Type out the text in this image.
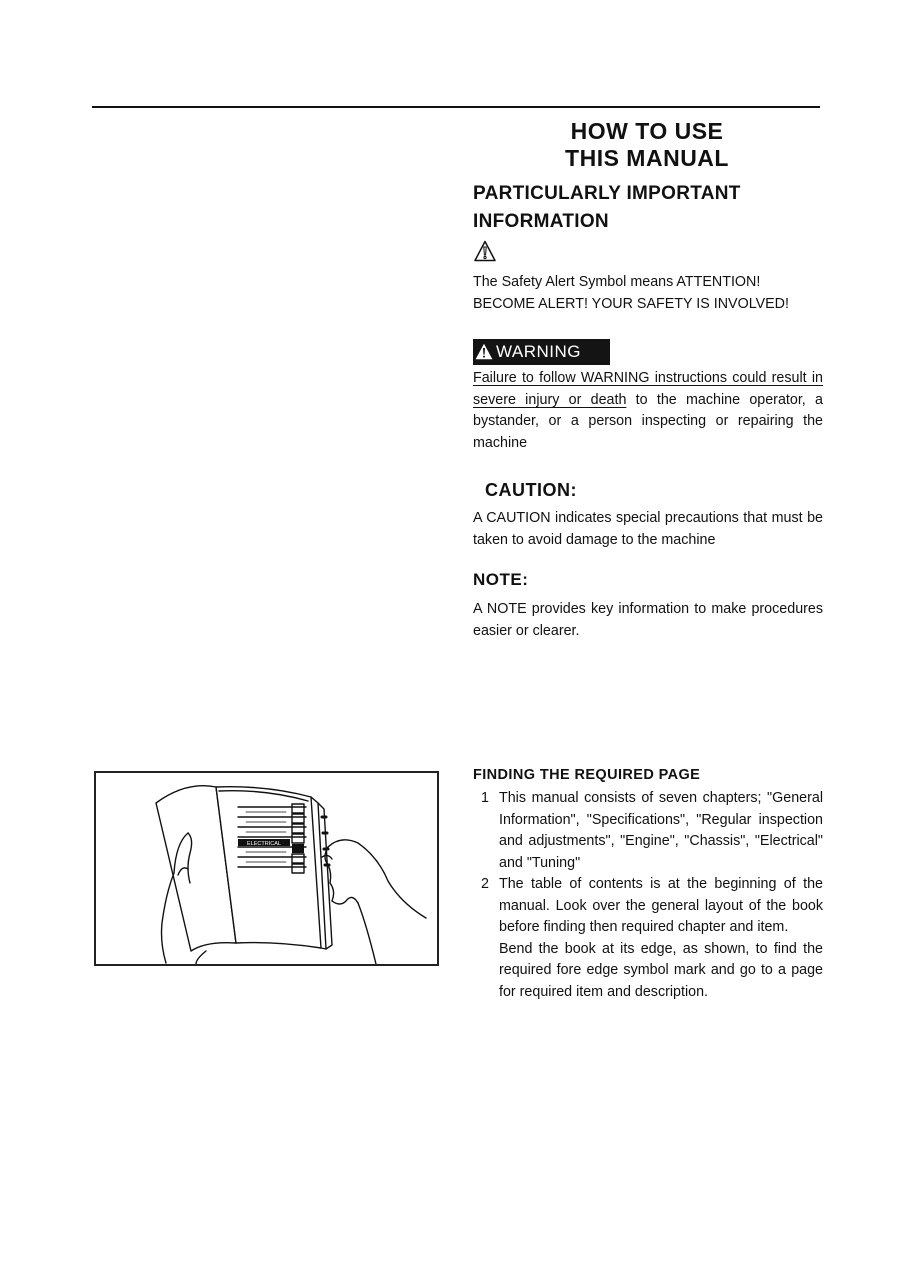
HOW TO USE
THIS MANUAL
PARTICULARLY IMPORTANT
INFORMATION
The Safety Alert Symbol means ATTENTION!
BECOME ALERT! YOUR SAFETY IS INVOLVED!
WARNING
Failure to follow WARNING instructions could result in severe injury or death to the machine operator, a bystander, or a person inspecting or repairing the machine
CAUTION:
A CAUTION indicates special precautions that must be taken to avoid damage to the machine
NOTE:
A NOTE provides key information to make procedures easier or clearer.
ELECTRICAL
FINDING THE REQUIRED PAGE
1 This manual consists of seven chapters; "General Information", "Specifications", "Regular inspection and adjustments", "Engine", "Chassis", "Electrical" and "Tuning"

2 The table of contents is at the beginning of the manual. Look over the general layout of the book before finding then required chapter and item.

Bend the book at its edge, as shown, to find the required fore edge symbol mark and go to a page for required item and description.
